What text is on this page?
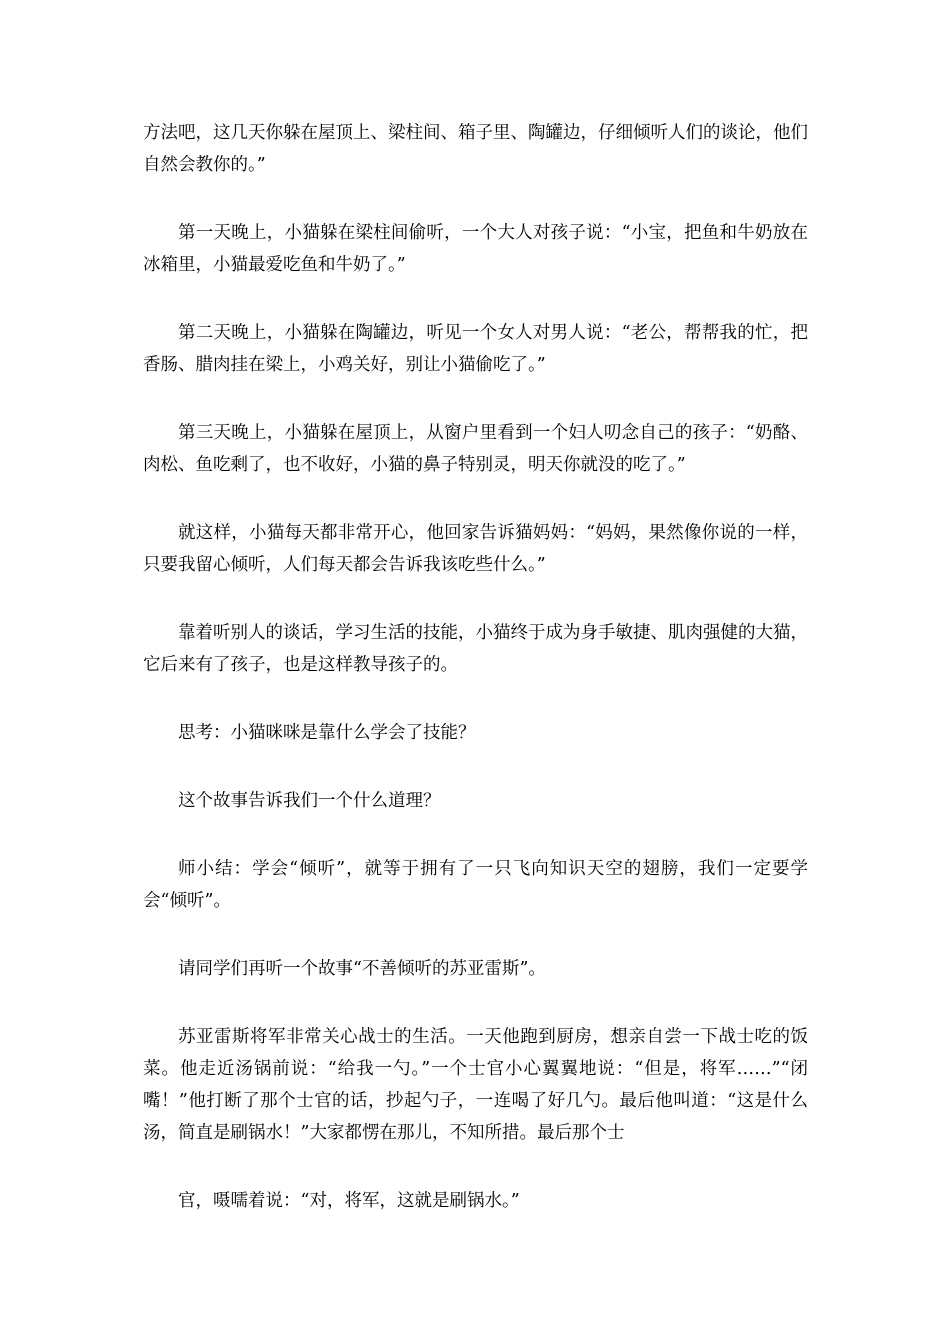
方法吧，这几天你躲在屋顶上、梁柱间、箱子里、陶罐边，仔细倾听人们的谈论，他们自然会教你的。”

第一天晚上，小猫躲在梁柱间偷听，一个大人对孩子说：“小宝，把鱼和牛奶放在冰箱里，小猫最爱吃鱼和牛奶了。”

第二天晚上，小猫躲在陶罐边，听见一个女人对男人说：“老公，帮帮我的忙，把香肠、腊肉挂在梁上，小鸡关好，别让小猫偷吃了。”

第三天晚上，小猫躲在屋顶上，从窗户里看到一个妇人叨念自己的孩子：“奶酪、肉松、鱼吃剩了，也不收好，小猫的鼻子特别灵，明天你就没的吃了。”

就这样，小猫每天都非常开心，他回家告诉猫妈妈：“妈妈，果然像你说的一样，只要我留心倾听，人们每天都会告诉我该吃些什么。”

靠着听别人的谈话，学习生活的技能，小猫终于成为身手敏捷、肌肉强健的大猫，它后来有了孩子，也是这样教导孩子的。

思考：小猫咪咪是靠什么学会了技能？

这个故事告诉我们一个什么道理？

师小结：学会“倾听”，就等于拥有了一只飞向知识天空的翅膀，我们一定要学会“倾听”。

请同学们再听一个故事“不善倾听的苏亚雷斯”。

苏亚雷斯将军非常关心战士的生活。一天他跑到厨房，想亲自尝一下战士吃的饭菜。他走近汤锅前说：“给我一勺。”一个士官小心翼翼地说：“但是，将军……”“闭嘴！”他打断了那个士官的话，抄起勺子，一连喝了好几勺。最后他叫道：“这是什么汤，简直是刷锅水！”大家都愣在那儿，不知所措。最后那个士

官，嗫嚅着说：“对，将军，这就是刷锅水。”
